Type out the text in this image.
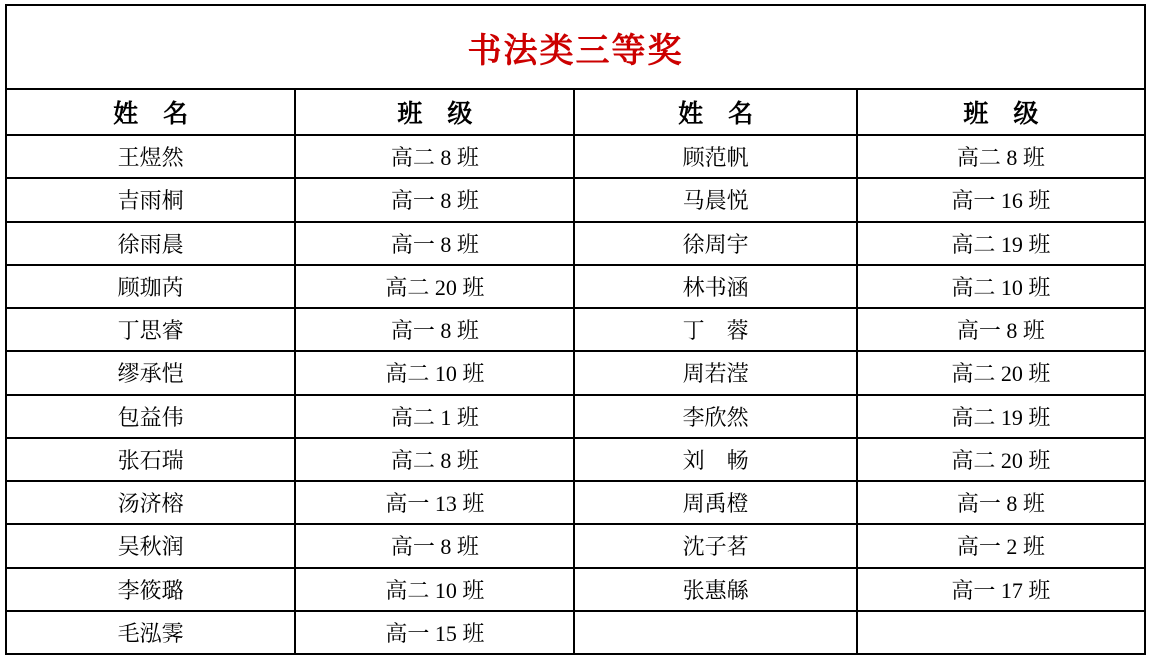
书法类三等奖			
姓　名	班　级	姓　名	班　级
王煜然	高二 8 班	顾范帆	高二 8 班
吉雨桐	高一 8 班	马晨悦	高一 16 班
徐雨晨	高一 8 班	徐周宇	高二 19 班
顾珈芮	高二 20 班	林书涵	高二 10 班
丁思睿	高一 8 班	丁　蓉	高一 8 班
缪承恺	高二 10 班	周若滢	高二 20 班
包益伟	高二 1 班	李欣然	高二 19 班
张石瑞	高二 8 班	刘　畅	高二 20 班
汤济榕	高一 13 班	周禹橙	高一 8 班
吴秋润	高一 8 班	沈子茗	高一 2 班
李筱璐	高二 10 班	张惠緜	高一 17 班
毛泓霁	高一 15 班		
